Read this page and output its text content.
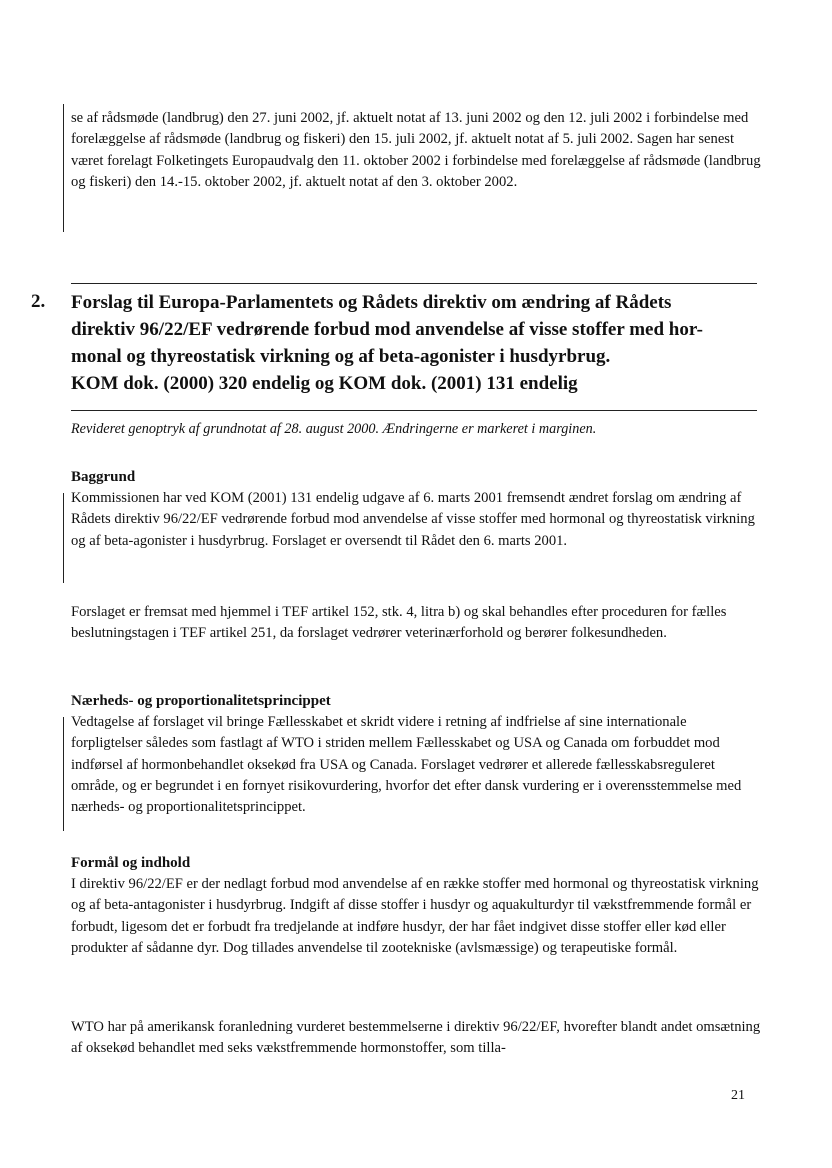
se af rådsmøde (landbrug) den 27. juni 2002, jf. aktuelt notat af 13. juni 2002 og den 12. juli 2002 i forbindelse med forelæggelse af rådsmøde (landbrug og fiskeri) den 15. juli 2002, jf. aktuelt notat af 5. juli 2002. Sagen har senest været forelagt Folketingets Europaudvalg den 11. oktober 2002 i forbindelse med forelæggelse af rådsmøde (landbrug og fiskeri) den 14.-15. oktober 2002, jf. aktuelt notat af den 3. oktober 2002.

2. Forslag til Europa-Parlamentets og Rådets direktiv om ændring af Rådets
direktiv 96/22/EF vedrørende forbud mod anvendelse af visse stoffer med hor-
monal og thyreostatisk virkning og af beta-agonister i husdyrbrug.
KOM dok. (2000) 320 endelig og KOM dok. (2001) 131 endelig
Revideret genoptryk af grundnotat af 28. august 2000. Ændringerne er markeret i marginen.
Baggrund

Kommissionen har ved KOM (2001) 131 endelig udgave af 6. marts 2001 fremsendt ændret forslag om ændring af Rådets direktiv 96/22/EF vedrørende forbud mod anvendelse af visse stoffer med hormonal og thyreostatisk virkning og af beta-agonister i husdyrbrug. Forslaget er oversendt til Rådet den 6. marts 2001.

Forslaget er fremsat med hjemmel i TEF artikel 152, stk. 4, litra b) og skal behandles efter proceduren for fælles beslutningstagen i TEF artikel 251, da forslaget vedrører veterinærforhold og berører folkesundheden.

Nærheds- og proportionalitetsprincippet

Vedtagelse af forslaget vil bringe Fællesskabet et skridt videre i retning af indfrielse af sine internationale forpligtelser således som fastlagt af WTO i striden mellem Fællesskabet og USA og Canada om forbuddet mod indførsel af hormonbehandlet oksekød fra USA og Canada. Forslaget vedrører et allerede fællesskabsreguleret område, og er begrundet i en fornyet risikovurdering, hvorfor det efter dansk vurdering er i overensstemmelse med nærheds- og proportionalitetsprincippet.

Formål og indhold

I direktiv 96/22/EF er der nedlagt forbud mod anvendelse af en række stoffer med hormonal og thyreostatisk virkning og af beta-antagonister i husdyrbrug. Indgift af disse stoffer i husdyr og aquakulturdyr til vækstfremmende formål er forbudt, ligesom det er forbudt fra tredjelande at indføre husdyr, der har fået indgivet disse stoffer eller kød eller produkter af sådanne dyr. Dog tillades anvendelse til zootekniske (avlsmæssige) og terapeutiske formål.

WTO har på amerikansk foranledning vurderet bestemmelserne i direktiv 96/22/EF, hvorefter blandt andet omsætning af oksekød behandlet med seks vækstfremmende hormonstoffer, som tilla-

21
